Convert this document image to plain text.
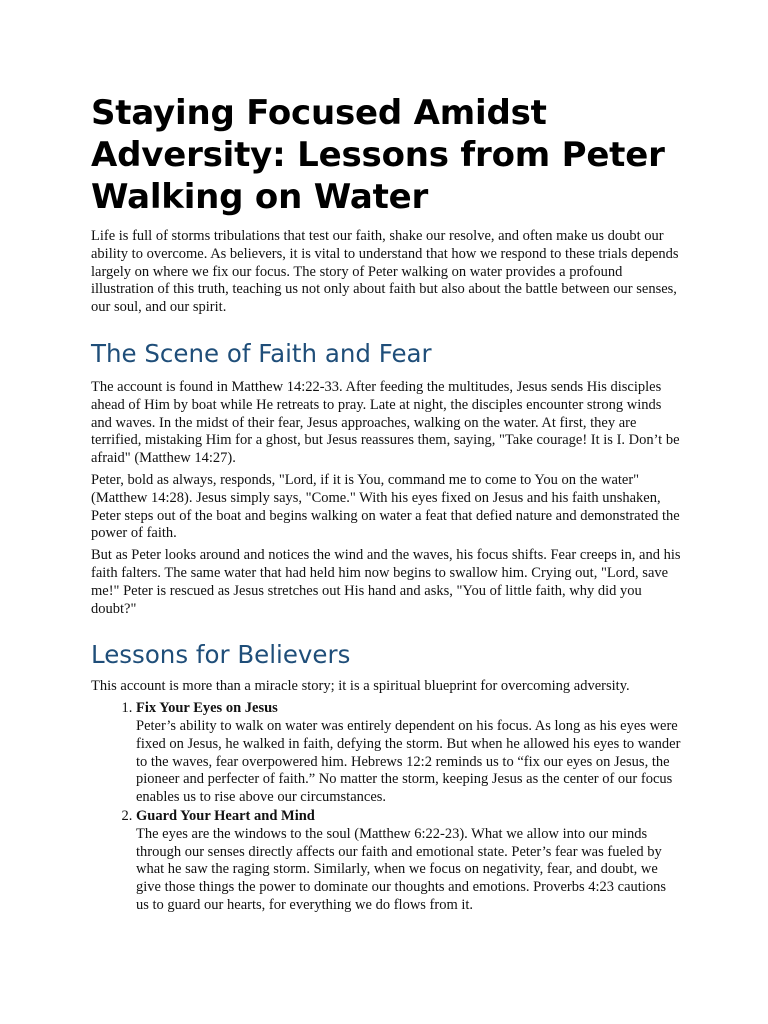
Staying Focused Amidst Adversity: Lessons from Peter Walking on Water

Life is full of storms tribulations that test our faith, shake our resolve, and often make us doubt our ability to overcome. As believers, it is vital to understand that how we respond to these trials depends largely on where we fix our focus. The story of Peter walking on water provides a profound illustration of this truth, teaching us not only about faith but also about the battle between our senses, our soul, and our spirit.

The Scene of Faith and Fear

The account is found in Matthew 14:22-33. After feeding the multitudes, Jesus sends His disciples ahead of Him by boat while He retreats to pray. Late at night, the disciples encounter strong winds and waves. In the midst of their fear, Jesus approaches, walking on the water. At first, they are terrified, mistaking Him for a ghost, but Jesus reassures them, saying, "Take courage! It is I. Don’t be afraid" (Matthew 14:27).

Peter, bold as always, responds, "Lord, if it is You, command me to come to You on the water" (Matthew 14:28). Jesus simply says, "Come." With his eyes fixed on Jesus and his faith unshaken, Peter steps out of the boat and begins walking on water a feat that defied nature and demonstrated the power of faith.

But as Peter looks around and notices the wind and the waves, his focus shifts. Fear creeps in, and his faith falters. The same water that had held him now begins to swallow him. Crying out, "Lord, save me!" Peter is rescued as Jesus stretches out His hand and asks, "You of little faith, why did you doubt?"

Lessons for Believers

This account is more than a miracle story; it is a spiritual blueprint for overcoming adversity.

1. Fix Your Eyes on Jesus
Peter’s ability to walk on water was entirely dependent on his focus. As long as his eyes were fixed on Jesus, he walked in faith, defying the storm. But when he allowed his eyes to wander to the waves, fear overpowered him. Hebrews 12:2 reminds us to “fix our eyes on Jesus, the pioneer and perfecter of faith.” No matter the storm, keeping Jesus as the center of our focus enables us to rise above our circumstances.
2. Guard Your Heart and Mind
The eyes are the windows to the soul (Matthew 6:22-23). What we allow into our minds through our senses directly affects our faith and emotional state. Peter’s fear was fueled by what he saw the raging storm. Similarly, when we focus on negativity, fear, and doubt, we give those things the power to dominate our thoughts and emotions. Proverbs 4:23 cautions us to guard our hearts, for everything we do flows from it.
